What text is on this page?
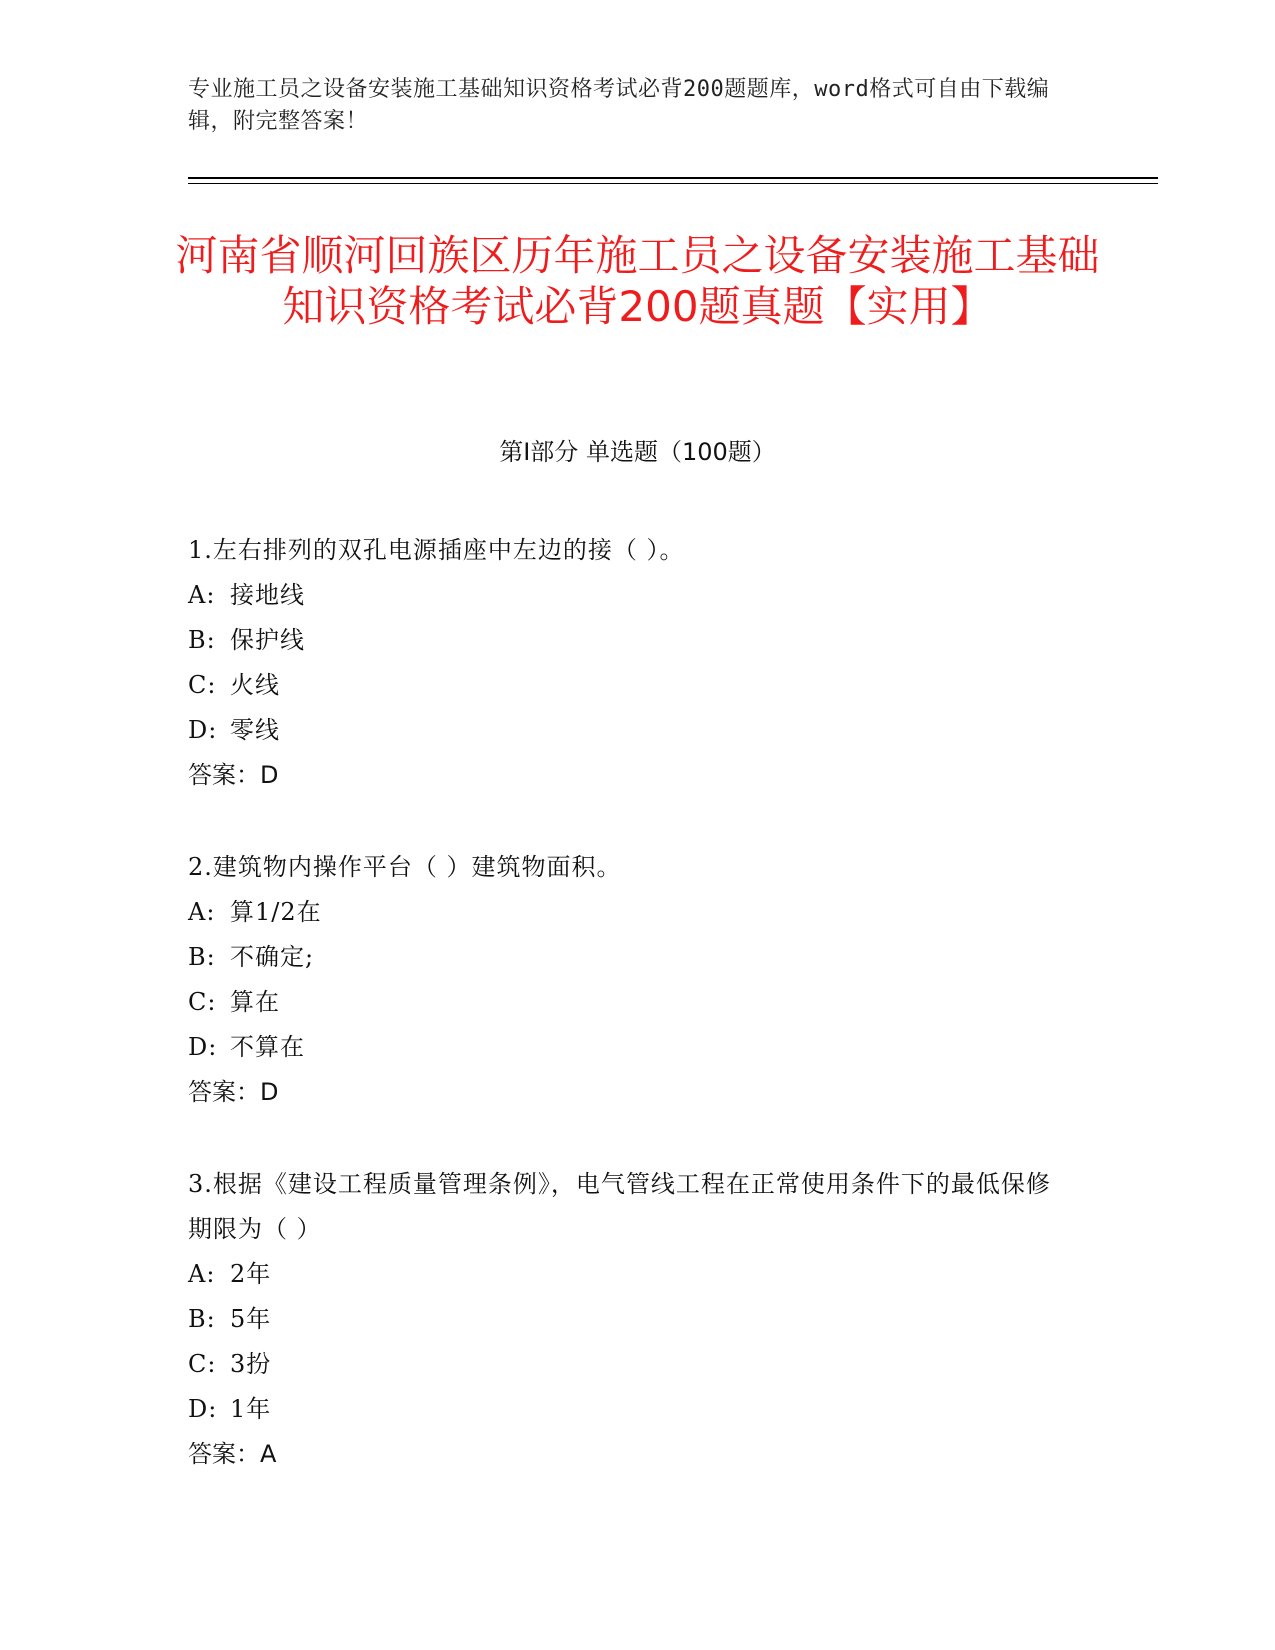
专业施工员之设备安装施工基础知识资格考试必背200题题库，word格式可自由下载编辑，附完整答案！
河南省顺河回族区历年施工员之设备安装施工基础知识资格考试必背200题真题【实用】
第I部分 单选题（100题）

1.左右排列的双孔电源插座中左边的接（ ）。

A: 接地线
B: 保护线
C: 火线
D: 零线
答案：D

2.建筑物内操作平台（ ）建筑物面积。

A: 算1/2在
B: 不确定;
C: 算在
D: 不算在
答案：D

3.根据《建设工程质量管理条例》，电气管线工程在正常使用条件下的最低保修期限为（ ）

A: 2年
B: 5年
C: 3扮
D: 1年
答案：A
